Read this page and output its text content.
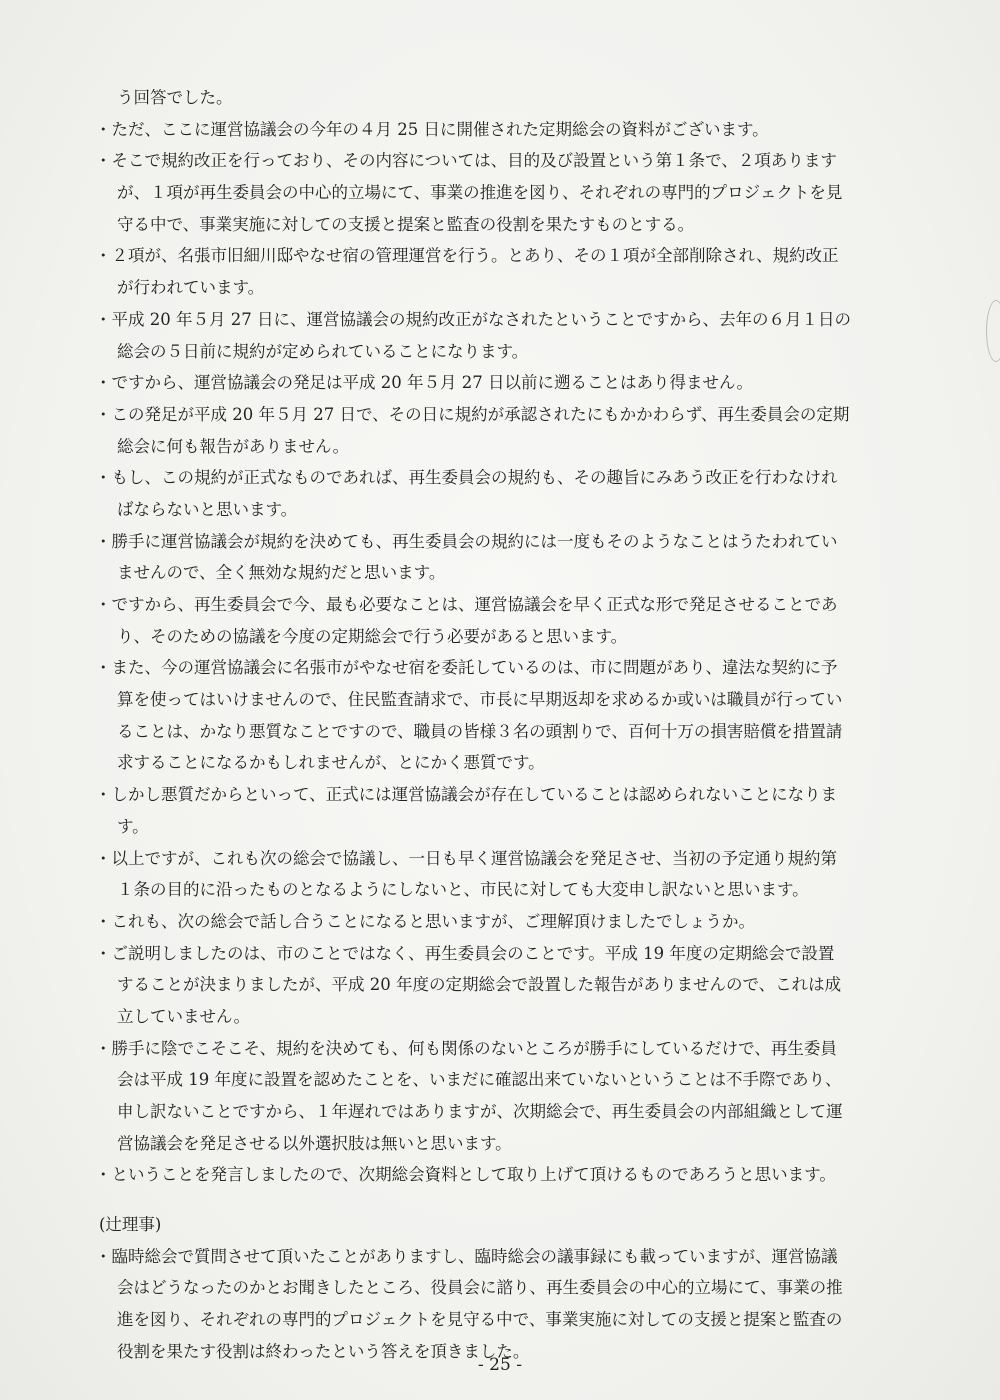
う回答でした。
・ただ、ここに運営協議会の今年の４月 25 日に開催された定期総会の資料がございます。
・そこで規約改正を行っており、その内容については、目的及び設置という第１条で、２項あります
が、１項が再生委員会の中心的立場にて、事業の推進を図り、それぞれの専門的プロジェクトを見
守る中で、事業実施に対しての支援と提案と監査の役割を果たすものとする。
・２項が、名張市旧細川邸やなせ宿の管理運営を行う。とあり、その１項が全部削除され、規約改正
が行われています。
・平成 20 年５月 27 日に、運営協議会の規約改正がなされたということですから、去年の６月１日の
総会の５日前に規約が定められていることになります。
・ですから、運営協議会の発足は平成 20 年５月 27 日以前に遡ることはあり得ません。
・この発足が平成 20 年５月 27 日で、その日に規約が承認されたにもかかわらず、再生委員会の定期
総会に何も報告がありません。
・もし、この規約が正式なものであれば、再生委員会の規約も、その趣旨にみあう改正を行わなけれ
ばならないと思います。
・勝手に運営協議会が規約を決めても、再生委員会の規約には一度もそのようなことはうたわれてい
ませんので、全く無効な規約だと思います。
・ですから、再生委員会で今、最も必要なことは、運営協議会を早く正式な形で発足させることであ
り、そのための協議を今度の定期総会で行う必要があると思います。
・また、今の運営協議会に名張市がやなせ宿を委託しているのは、市に問題があり、違法な契約に予
算を使ってはいけませんので、住民監査請求で、市長に早期返却を求めるか或いは職員が行ってい
ることは、かなり悪質なことですので、職員の皆様３名の頭割りで、百何十万の損害賠償を措置請
求することになるかもしれませんが、とにかく悪質です。
・しかし悪質だからといって、正式には運営協議会が存在していることは認められないことになりま
す。
・以上ですが、これも次の総会で協議し、一日も早く運営協議会を発足させ、当初の予定通り規約第
１条の目的に沿ったものとなるようにしないと、市民に対しても大変申し訳ないと思います。
・これも、次の総会で話し合うことになると思いますが、ご理解頂けましたでしょうか。
・ご説明しましたのは、市のことではなく、再生委員会のことです。平成 19 年度の定期総会で設置
することが決まりましたが、平成 20 年度の定期総会で設置した報告がありませんので、これは成
立していません。
・勝手に陰でこそこそ、規約を決めても、何も関係のないところが勝手にしているだけで、再生委員
会は平成 19 年度に設置を認めたことを、いまだに確認出来ていないということは不手際であり、
申し訳ないことですから、１年遅れではありますが、次期総会で、再生委員会の内部組織として運
営協議会を発足させる以外選択肢は無いと思います。
・ということを発言しましたので、次期総会資料として取り上げて頂けるものであろうと思います。
(辻理事)
・臨時総会で質問させて頂いたことがありますし、臨時総会の議事録にも載っていますが、運営協議
会はどうなったのかとお聞きしたところ、役員会に諮り、再生委員会の中心的立場にて、事業の推
進を図り、それぞれの専門的プロジェクトを見守る中で、事業実施に対しての支援と提案と監査の
役割を果たす役割は終わったという答えを頂きました。
- 25 -
